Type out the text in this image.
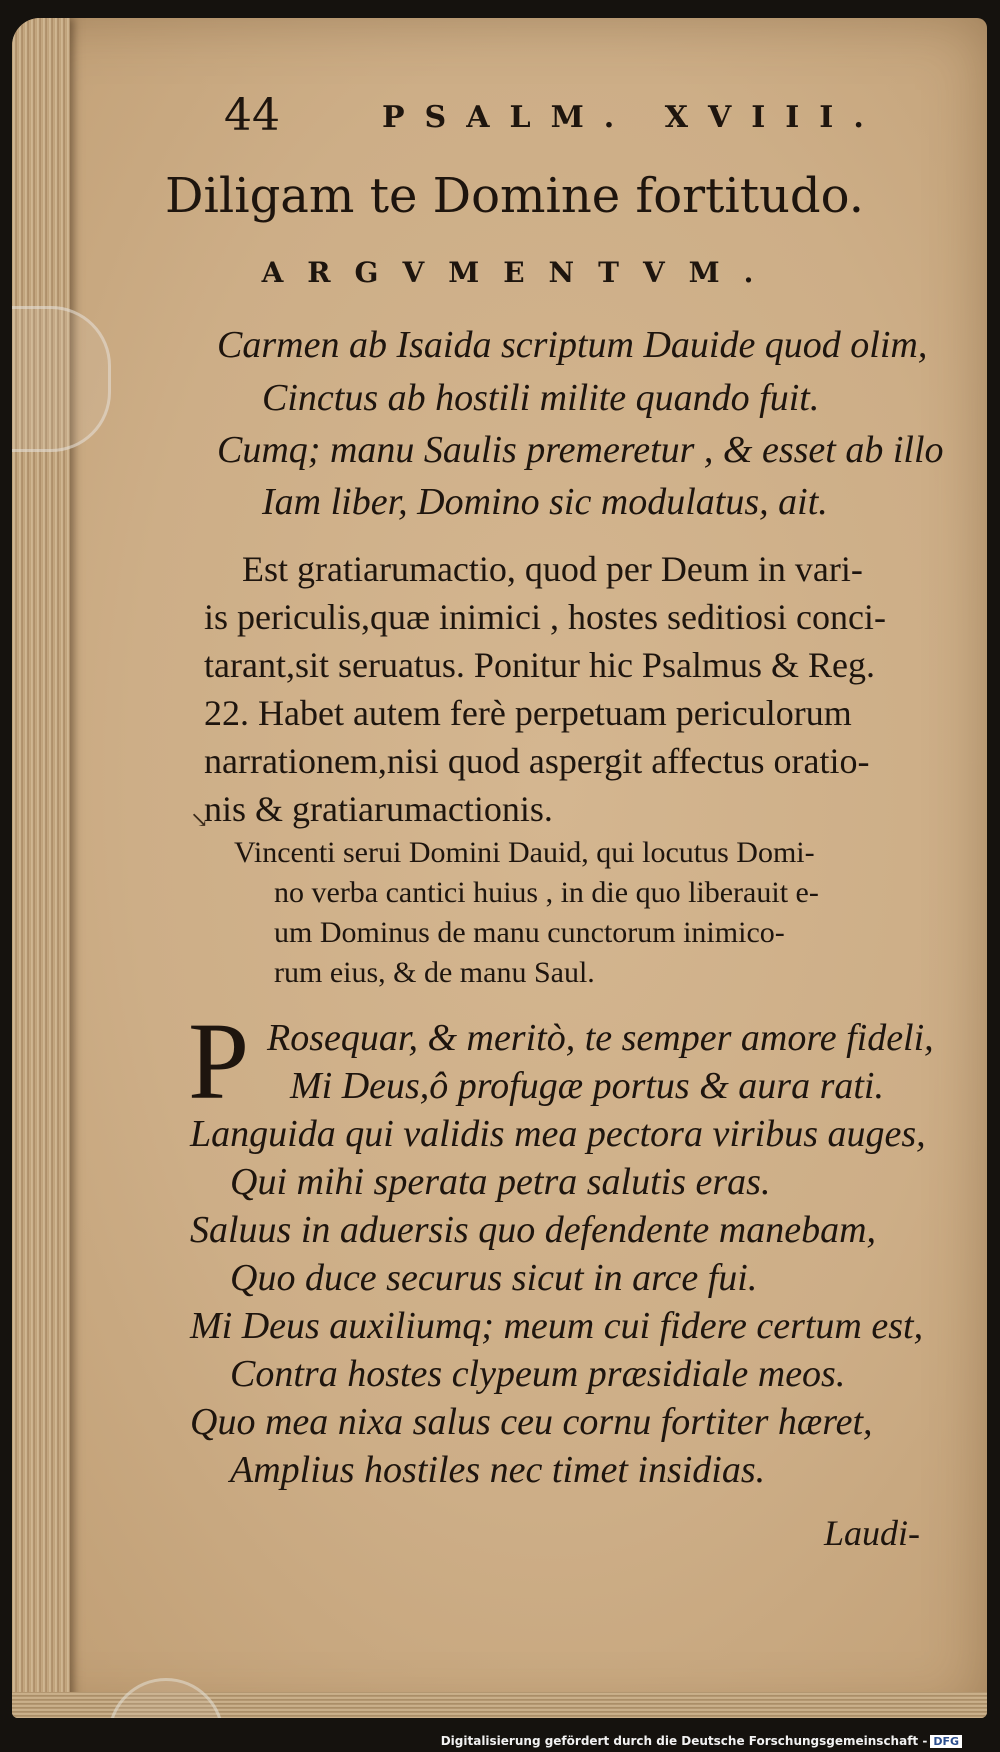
44	PSALM. XVIII.
Diligam te Domine fortitudo.
ARGVMENTVM.
Carmen ab Isaida scriptum Dauide quod olim,
Cinctus ab hostili milite quando fuit.
Cumq; manu Saulis premeretur , & esset ab illo
Iam liber, Domino sic modulatus, ait.
Est gratiarumactio, quod per Deum in vari-
is periculis,quæ inimici , hostes seditiosi conci-
tarant,sit seruatus. Ponitur hic Psalmus & Reg.
22. Habet autem ferè perpetuam periculorum
narrationem,nisi quod aspergit affectus oratio-
nis & gratiarumactionis.
↘
Vincenti serui Domini Dauid, qui locutus Domi-
no verba cantici huius , in die quo liberauit e-
um Dominus de manu cunctorum inimico-
rum eius, & de manu Saul.
P Rosequar, & meritò, te semper amore fideli,
Mi Deus,ô profugæ portus & aura rati.
Languida qui validis mea pectora viribus auges,
Qui mihi sperata petra salutis eras.
Saluus in aduersis quo defendente manebam,
Quo duce securus sicut in arce fui.
Mi Deus auxiliumq; meum cui fidere certum est,
Contra hostes clypeum præsidiale meos.
Quo mea nixa salus ceu cornu fortiter hæret,
Amplius hostiles nec timet insidias.
Laudi-
Digitalisierung gefördert durch die Deutsche Forschungsgemeinschaft - DFG
